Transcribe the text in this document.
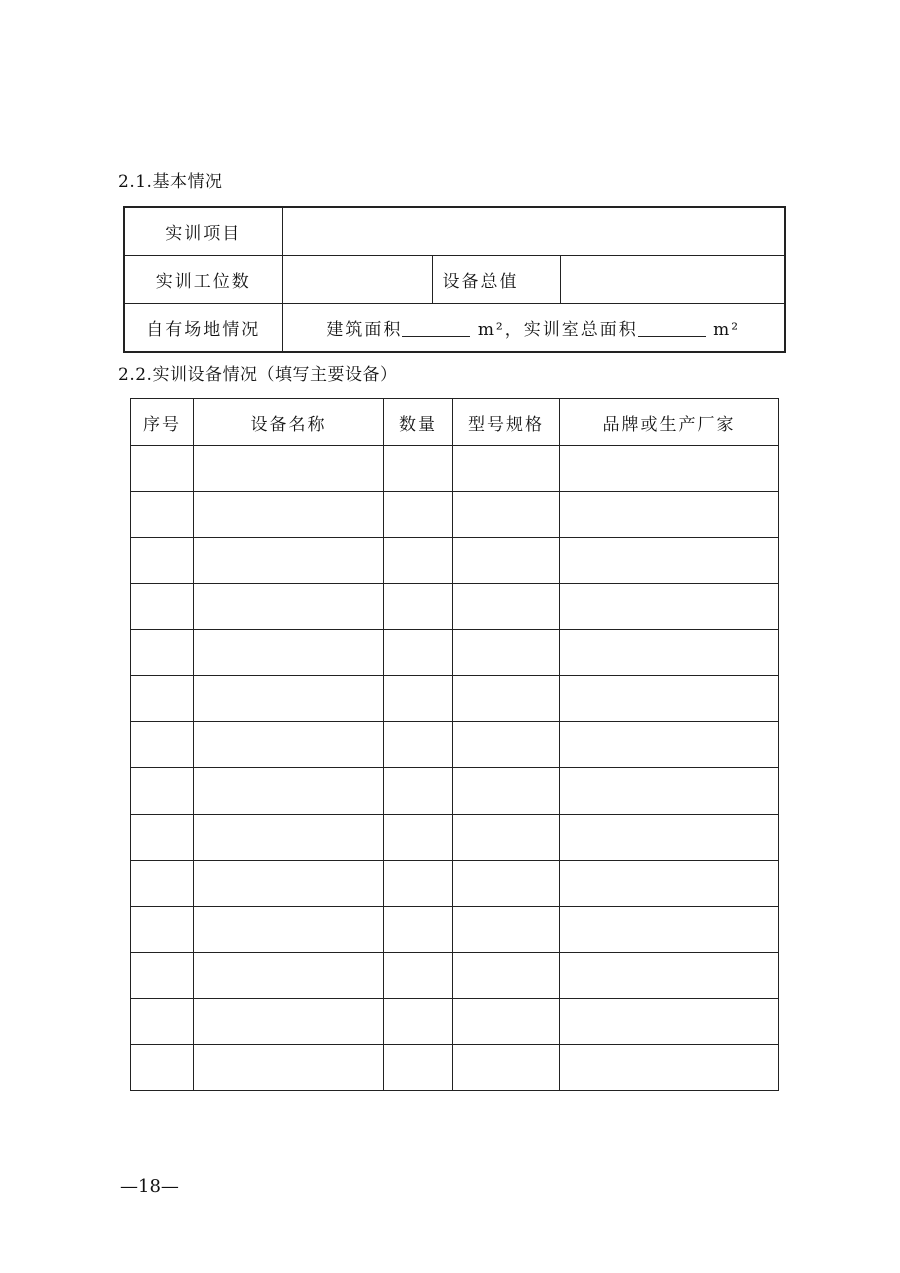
2.1.基本情况
实训项目			
实训工位数		设备总值	
自有场地情况	建筑面积 m²，实训室总面积 m²		
2.2.实训设备情况（填写主要设备）
序号	设备名称	数量	型号规格	品牌或生产厂家

—18—
